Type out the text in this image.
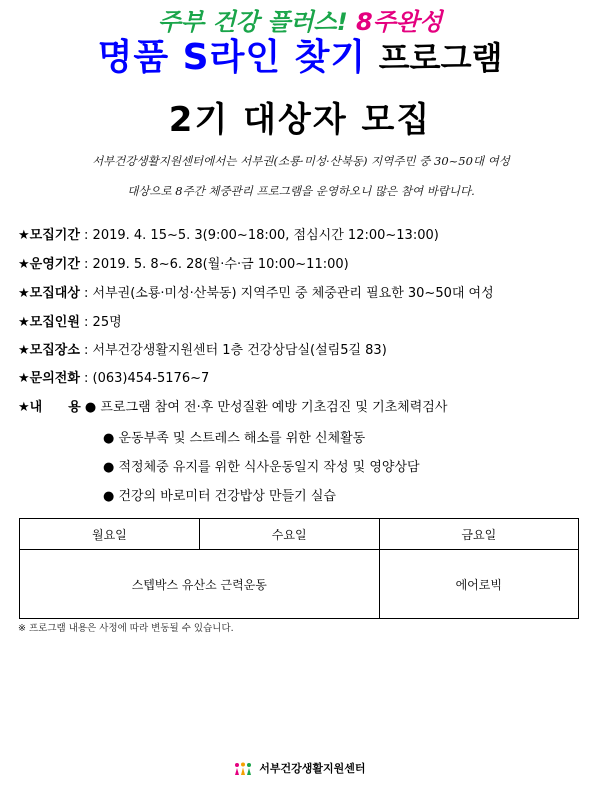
주부 건강 플러스! 8주완성
명품 S라인 찾기 프로그램
2기 대상자 모집
서부건강생활지원센터에서는 서부권(소룡·미성·산북동) 지역주민 중 30~50대 여성
대상으로 8주간 체중관리 프로그램을 운영하오니 많은 참여 바랍니다.
★모집기간 : 2019. 4. 15~5. 3(9:00~18:00, 점심시간 12:00~13:00)
★운영기간 : 2019. 5. 8~6. 28(월·수·금 10:00~11:00)
★모집대상 : 서부권(소룡·미성·산북동) 지역주민 중 체중관리 필요한 30~50대 여성
★모집인원 : 25명
★모집장소 : 서부건강생활지원센터 1층 건강상담실(설림5길 83)
★문의전화 : (063)454-5176~7
★내　　용 ● 프로그램 참여 전·후 만성질환 예방 기초검진 및 기초체력검사
● 운동부족 및 스트레스 해소를 위한 신체활동
● 적정체중 유지를 위한 식사운동일지 작성 및 영양상담
● 건강의 바로미터 건강밥상 만들기 실습
월요일	수요일	금요일
스텝박스 유산소 근력운동		에어로빅
※ 프로그램 내용은 사정에 따라 변동될 수 있습니다.
서부건강생활지원센터
